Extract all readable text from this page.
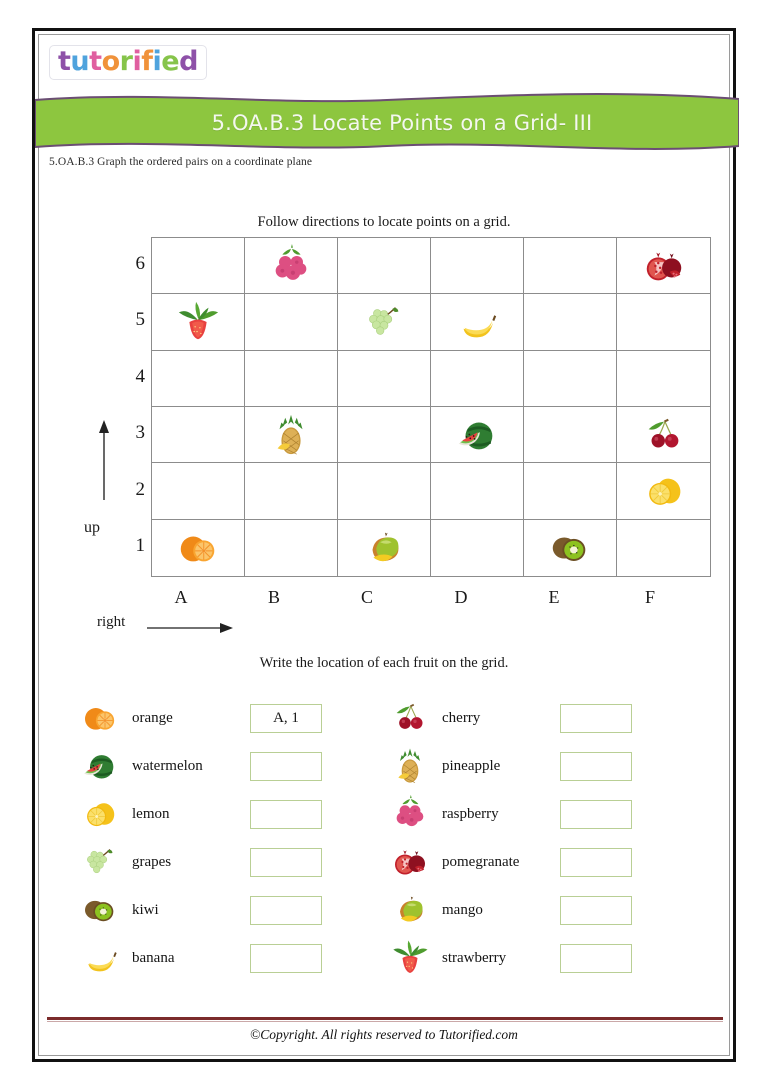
tutorified
5.OA.B.3 Locate Points on a Grid- III
5.OA.B.3 Graph the ordered pairs on a coordinate plane
Follow directions to locate points on a grid.
6
5
4
3
2
1
up
A	B	C	D	E	F
right
Write the location of each fruit on the grid.
orange	A, 1
watermelon
lemon
grapes
kiwi
banana
cherry
pineapple
raspberry
pomegranate
mango
strawberry
©Copyright. All rights reserved to Tutorified.com
